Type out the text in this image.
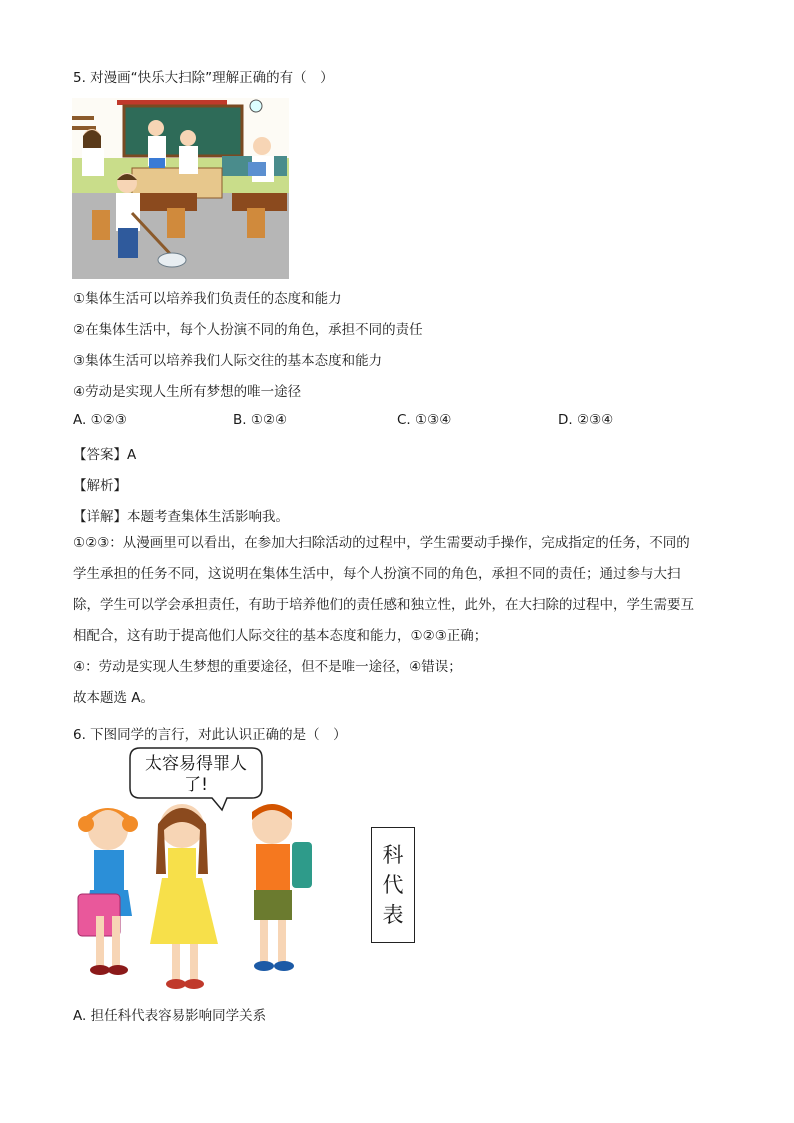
5. 对漫画“快乐大扫除”理解正确的有（　）
①集体生活可以培养我们负责任的态度和能力
②在集体生活中，每个人扮演不同的角色，承担不同的责任
③集体生活可以培养我们人际交往的基本态度和能力
④劳动是实现人生所有梦想的唯一途径
A. ①②③	B. ①②④	C. ①③④	D. ②③④
【答案】A
【解析】
【详解】本题考查集体生活影响我。

①②③：从漫画里可以看出，在参加大扫除活动的过程中，学生需要动手操作，完成指定的任务，不同的

学生承担的任务不同，这说明在集体生活中，每个人扮演不同的角色，承担不同的责任；通过参与大扫

除，学生可以学会承担责任，有助于培养他们的责任感和独立性，此外，在大扫除的过程中，学生需要互

相配合，这有助于提高他们人际交往的基本态度和能力，①②③正确；

④：劳动是实现人生梦想的重要途径，但不是唯一途径，④错误；

故本题选 A。

6. 下图同学的言行，对此认识正确的是（　）
太容易得罪人
了!
科
代
表
A. 担任科代表容易影响同学关系
